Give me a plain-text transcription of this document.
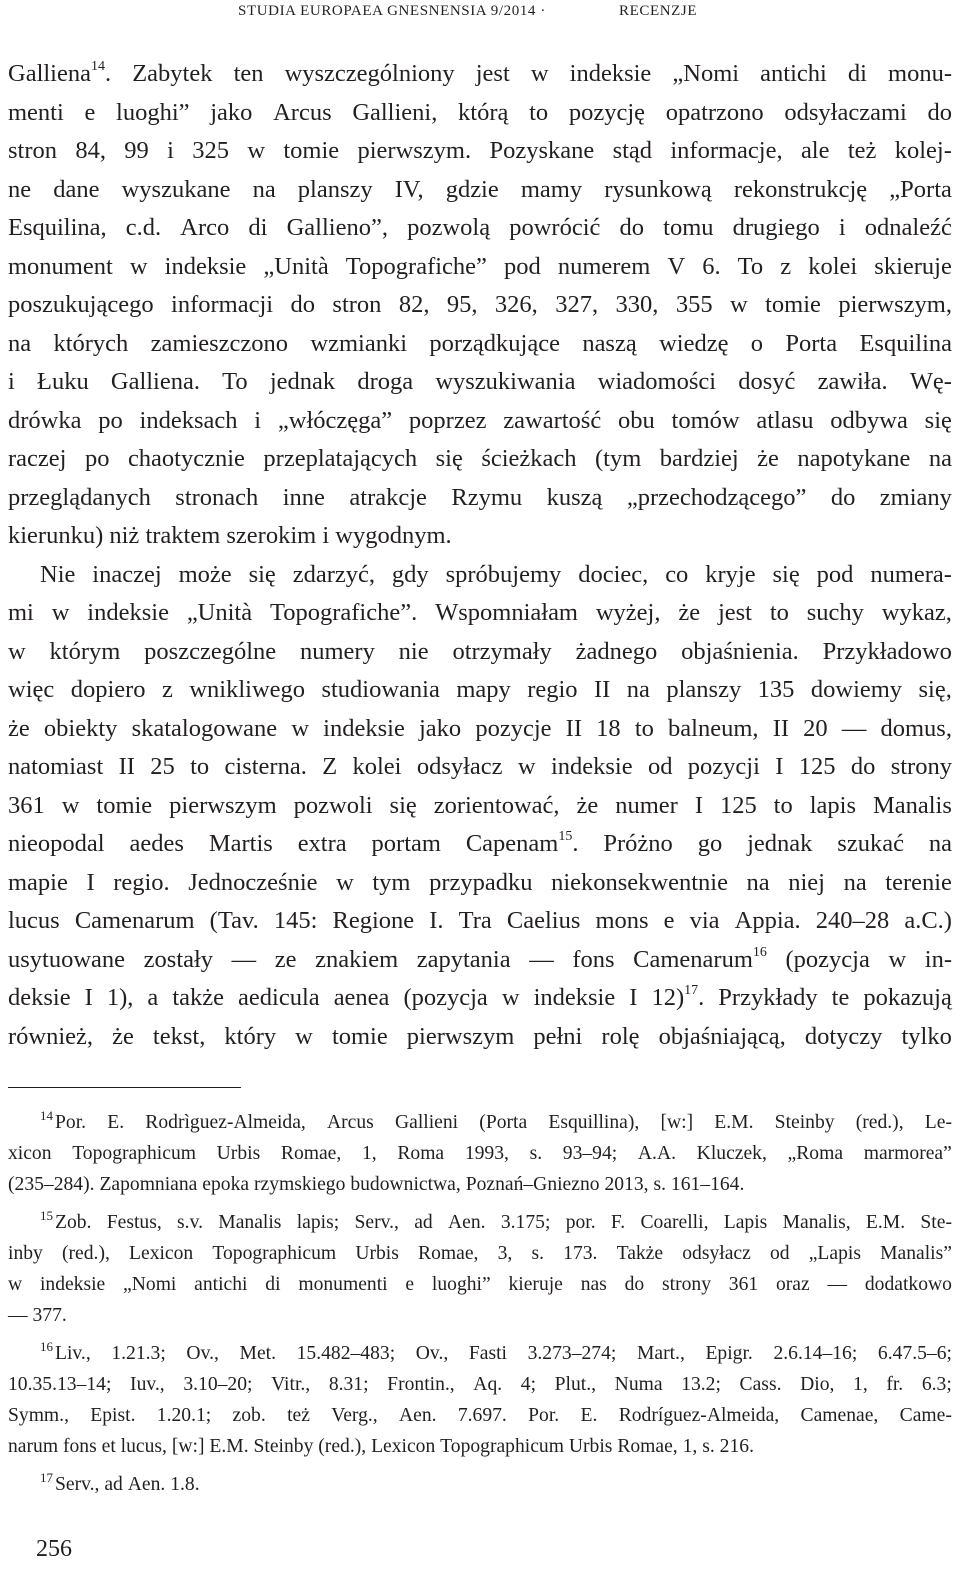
STUDIA EUROPAEA GNESNENSIA 9/2014 ·	RECENZJE
Galliena$^{14}$. Zabytek ten wyszczególniony jest w indeksie „Nomi antichi di monu-
menti e luoghi” jako Arcus Gallieni, którą to pozycję opatrzono odsyłaczami do
stron 84, 99 i 325 w tomie pierwszym. Pozyskane stąd informacje, ale też kolej-
ne dane wyszukane na planszy IV, gdzie mamy rysunkową rekonstrukcję „Porta
Esquilina, c.d. Arco di Gallieno”, pozwolą powrócić do tomu drugiego i odnaleźć
monument w indeksie „Unità Topografiche” pod numerem V 6. To z kolei skieruje
poszukującego informacji do stron 82, 95, 326, 327, 330, 355 w tomie pierwszym,
na których zamieszczono wzmianki porządkujące naszą wiedzę o Porta Esquilina
i Łuku Galliena. To jednak droga wyszukiwania wiadomości dosyć zawiła. Wę-
drówka po indeksach i „włóczęga” poprzez zawartość obu tomów atlasu odbywa się
raczej po chaotycznie przeplatających się ścieżkach (tym bardziej że napotykane na
przeglądanych stronach inne atrakcje Rzymu kuszą „przechodzącego” do zmiany
kierunku)
niż
traktem
szerokim
i
wygodnym.
Nie inaczej może się zdarzyć, gdy spróbujemy dociec, co kryje się pod numera-
mi w indeksie „Unità Topografiche”. Wspomniałam wyżej, że jest to suchy wykaz,
w którym poszczególne numery nie otrzymały żadnego objaśnienia. Przykładowo
więc dopiero z wnikliwego studiowania mapy regio II na planszy 135 dowiemy się,
że obiekty skatalogowane w indeksie jako pozycje II 18 to balneum, II 20 — domus,
natomiast II 25 to cisterna. Z kolei odsyłacz w indeksie od pozycji I 125 do strony
361 w tomie pierwszym pozwoli się zorientować, że numer I 125 to lapis Manalis
nieopodal aedes Martis extra portam Capenam$^{15}$. Próżno go jednak szukać na
mapie I regio. Jednocześnie w tym przypadku niekonsekwentnie na niej na terenie
lucus Camenarum (Tav. 145: Regione I. Tra Caelius mons e via Appia. 240–28 a.C.)
usytuowane zostały — ze znakiem zapytania — fons Camenarum$^{16}$ (pozycja w in-
deksie I 1), a także aedicula aenea (pozycja w indeksie I 12)$^{17}$. Przykłady te pokazują
również, że tekst, który w tomie pierwszym pełni rolę objaśniającą, dotyczy tylko
$^{14}$ Por. E. Rodrìguez-Almeida, Arcus Gallieni (Porta Esquillina), [w:] E.M. Steinby (red.), Le-
xicon Topographicum Urbis Romae, 1, Roma 1993, s. 93–94; A.A. Kluczek, „Roma marmorea”
(235–284).
Zapomniana
epoka
rzymskiego
budownictwa,
Poznań–Gniezno
2013,
s.
161–164.
$^{15}$ Zob. Festus, s.v. Manalis lapis; Serv., ad Aen. 3.175; por. F. Coarelli, Lapis Manalis, E.M. Ste-
inby (red.), Lexicon Topographicum Urbis Romae, 3, s. 173. Także odsyłacz od „Lapis Manalis”
w indeksie „Nomi antichi di monumenti e luoghi” kieruje nas do strony 361 oraz — dodatkowo
—
377.
$^{16}$ Liv., 1.21.3; Ov., Met. 15.482–483; Ov., Fasti 3.273–274; Mart., Epigr. 2.6.14–16; 6.47.5–6;
10.35.13–14; Iuv., 3.10–20; Vitr., 8.31; Frontin., Aq. 4; Plut., Numa 13.2; Cass. Dio, 1, fr. 6.3;
Symm., Epist. 1.20.1; zob. też Verg., Aen. 7.697. Por. E. Rodríguez-Almeida, Camenae, Came-
narum
fons
et
lucus,
[w:]
E.M.
Steinby
(red.),
Lexicon
Topographicum
Urbis
Romae,
1,
s.
216.
$^{17}$ Serv.,
ad
Aen.
1.8.
256
